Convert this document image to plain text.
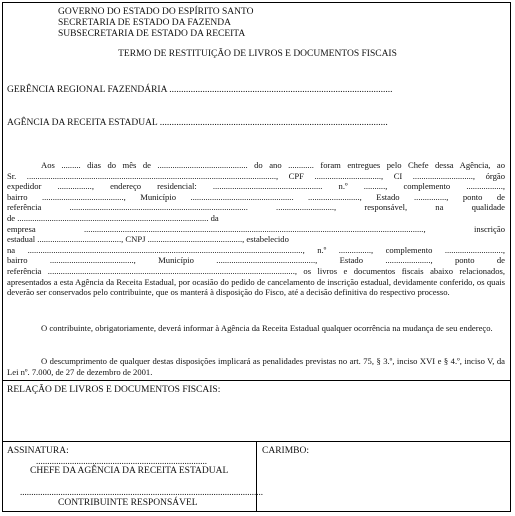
GOVERNO DO ESTADO DO ESPÍRITO SANTO
SECRETARIA DE ESTADO DA FAZENDA
SUBSECRETARIA DE ESTADO DA RECEITA
TERMO DE RESTITUIÇÃO DE LIVROS E DOCUMENTOS FISCAIS
GERÊNCIA REGIONAL FAZENDÁRIA ..............................................................................................
AGÊNCIA DA RECEITA ESTADUAL ................................................................................................

Aos ......... dias do mês de .......................................... do ano ............ foram entregues pelo Chefe dessa Agência, ao

Sr. ...................................................................................................................., CPF ..............................., CI ............................, órgão

expedidor ................, endereço residencial: ................................................... n.º .........., complemento .................,

bairro ......................................, Município ................................................ ........................, Estado ..............., ponto de

referência ................................................................................... ..........................., responsável, na qualidade

de ......................................................................................... da

empresa .............................................................................................................................................................., inscrição

estadual ......................................., CNPJ ............................................, estabelecido

na ................................................................................................................................, n.º ..............., complemento ...........................,

bairro ......................................., Município .............................................., Estado ....................., ponto de

referência ..................................................................................................................., os livros e documentos fiscais abaixo relacionados,

apresentados a esta Agência da Receita Estadual, por ocasião do pedido de cancelamento de inscrição estadual, devidamente conferido, os quais deverão ser conservados pelo contribuinte, que os manterá à disposição do Fisco, até a decisão definitiva do respectivo processo.

O contribuinte, obrigatoriamente, deverá informar à Agência da Receita Estadual qualquer ocorrência na mudança de seu endereço.

O descumprimento de qualquer destas disposições implicará as penalidades previstas no art. 75, § 3.º, inciso XVI e § 4.º, inciso V, da Lei nº. 7.000, de 27 de dezembro de 2001.

RELAÇÃO DE LIVROS E DOCUMENTOS FISCAIS:
ASSINATURA:
............................................................................
CHEFE DA AGÊNCIA DA RECEITA ESTADUAL
............................................................................................................
CONTRIBUINTE RESPONSÁVEL
CARIMBO:
